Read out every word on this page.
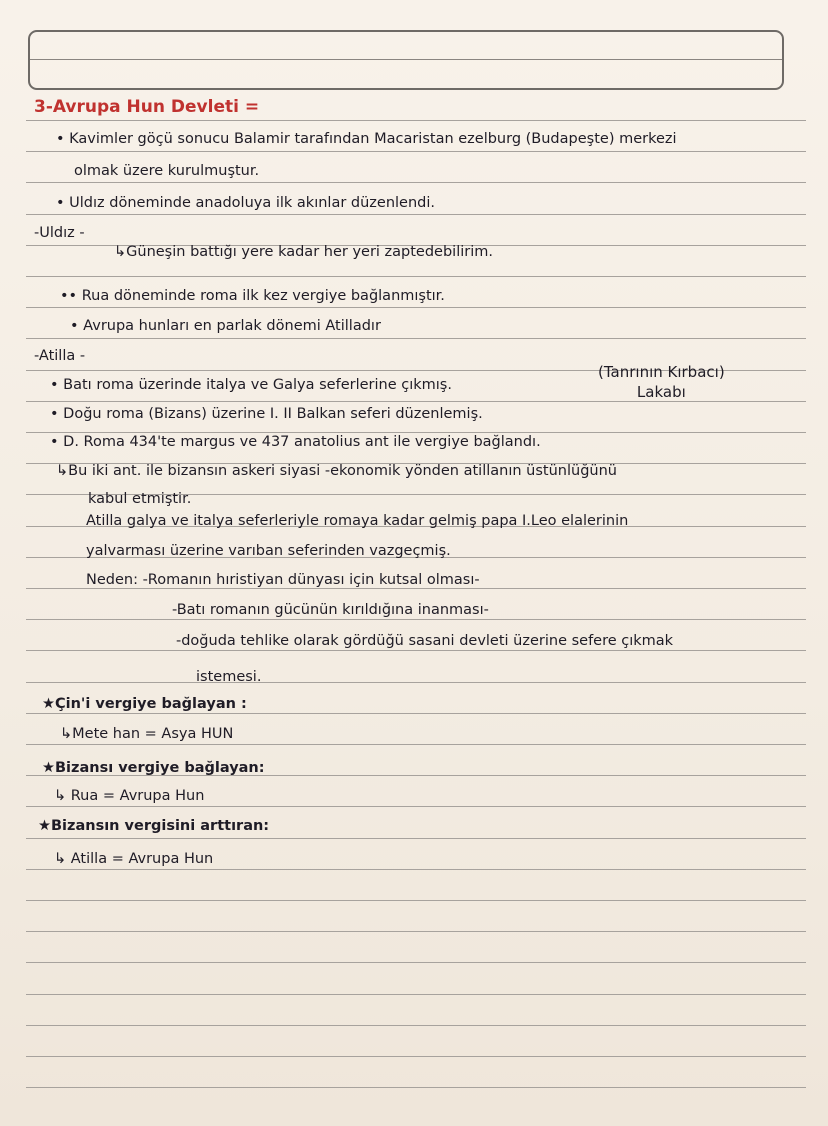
3-Avrupa Hun Devleti =
• Kavimler göçü sonucu Balamir tarafından Macaristan ezelburg (Budapeşte) merkezi
olmak üzere kurulmuştur.
• Uldız döneminde anadoluya ilk akınlar düzenlendi.
-Uldız -
↳Güneşin battığı yere kadar her yeri zaptedebilirim.
•• Rua döneminde roma ilk kez vergiye bağlanmıştır.
• Avrupa hunları en parlak dönemi Atilladır
-Atilla -
• Batı roma üzerinde italya ve Galya seferlerine çıkmış.
• Doğu roma (Bizans) üzerine I. II Balkan seferi düzenlemiş.
• D. Roma 434'te margus ve 437 anatolius ant ile vergiye bağlandı.
↳Bu iki ant. ile bizansın askeri siyasi -ekonomik yönden atillanın üstünlüğünü
kabul etmiştir.
Atilla galya ve italya seferleriyle romaya kadar gelmiş papa I.Leo elalerinin
yalvarması üzerine varıban seferinden vazgeçmiş.
Neden: -Romanın hıristiyan dünyası için kutsal olması-
-Batı romanın gücünün kırıldığına inanması-
-doğuda tehlike olarak gördüğü sasani devleti üzerine sefere çıkmak
istemesi.
★Çin'i vergiye bağlayan :
↳Mete han = Asya HUN
★Bizansı vergiye bağlayan:
↳ Rua = Avrupa Hun
★Bizansın vergisini arttıran:
↳ Atilla = Avrupa Hun
(Tanrının Kırbacı)
Lakabı
